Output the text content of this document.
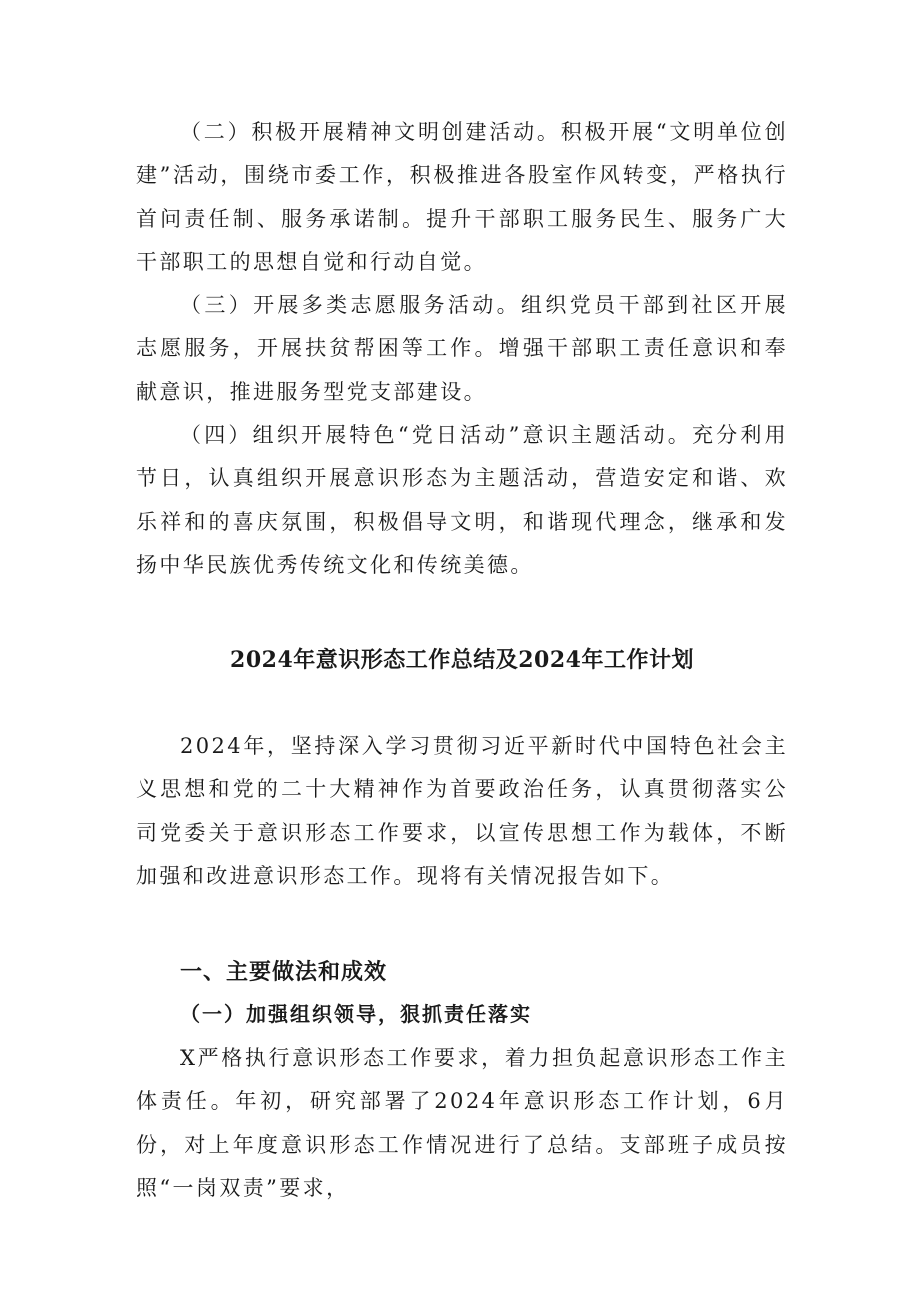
（二）积极开展精神文明创建活动。积极开展“文明单位创建”活动，围绕市委工作，积极推进各股室作风转变，严格执行首问责任制、服务承诺制。提升干部职工服务民生、服务广大干部职工的思想自觉和行动自觉。

（三）开展多类志愿服务活动。组织党员干部到社区开展志愿服务，开展扶贫帮困等工作。增强干部职工责任意识和奉献意识，推进服务型党支部建设。

（四）组织开展特色“党日活动”意识主题活动。充分利用节日，认真组织开展意识形态为主题活动，营造安定和谐、欢乐祥和的喜庆氛围，积极倡导文明，和谐现代理念，继承和发扬中华民族优秀传统文化和传统美德。

2024年意识形态工作总结及2024年工作计划

2024年，坚持深入学习贯彻习近平新时代中国特色社会主义思想和党的二十大精神作为首要政治任务，认真贯彻落实公司党委关于意识形态工作要求，以宣传思想工作为载体，不断加强和改进意识形态工作。现将有关情况报告如下。

一、主要做法和成效
（一）加强组织领导，狠抓责任落实

X严格执行意识形态工作要求，着力担负起意识形态工作主体责任。年初，研究部署了2024年意识形态工作计划，6月份，对上年度意识形态工作情况进行了总结。支部班子成员按照“一岗双责”要求，
